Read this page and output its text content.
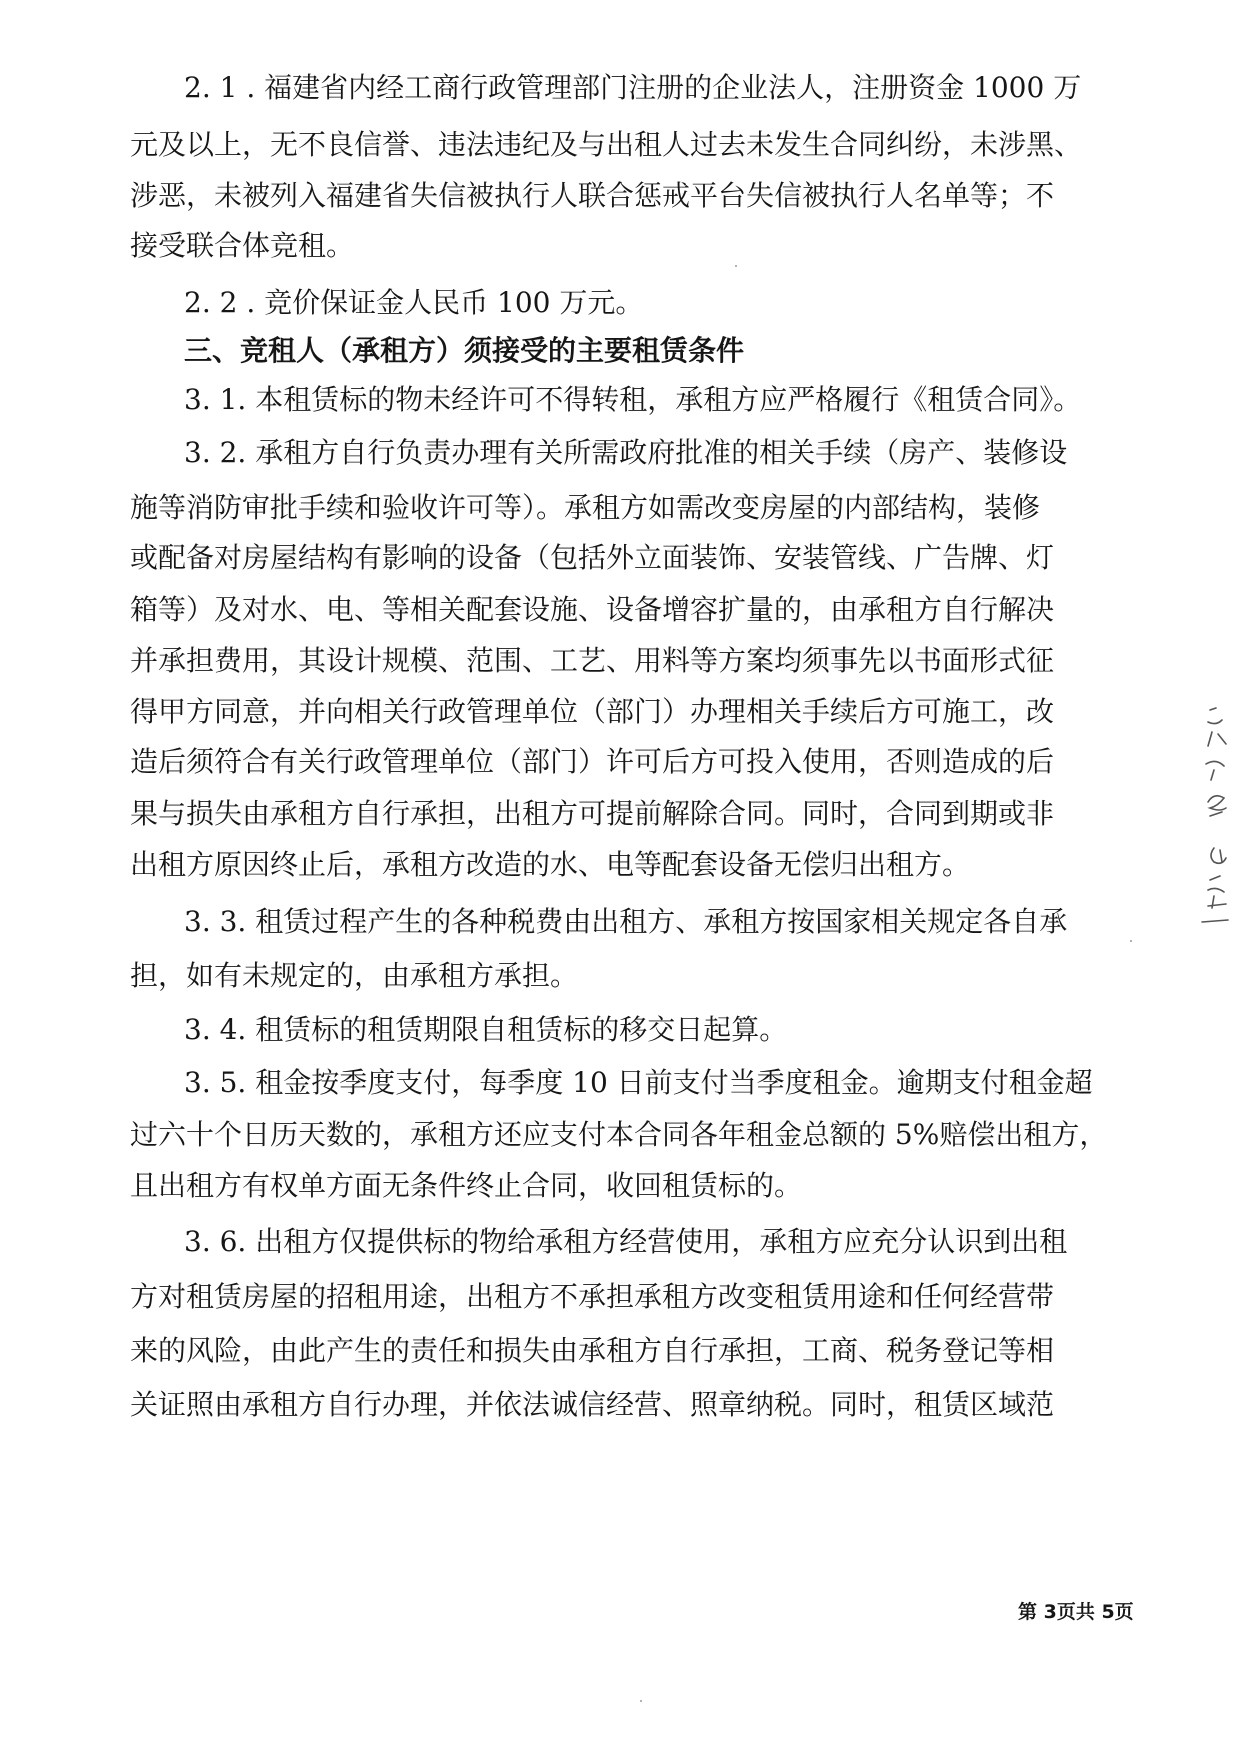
2. 1 . 福建省内经工商行政管理部门注册的企业法人，注册资金 1000 万
元及以上，无不良信誉、违法违纪及与出租人过去未发生合同纠纷，未涉黑、
涉恶，未被列入福建省失信被执行人联合惩戒平台失信被执行人名单等；不
接受联合体竞租。
2. 2 . 竞价保证金人民币 100 万元。
三、竞租人（承租方）须接受的主要租赁条件
3. 1. 本租赁标的物未经许可不得转租，承租方应严格履行《租赁合同》。
3. 2. 承租方自行负责办理有关所需政府批准的相关手续（房产、装修设
施等消防审批手续和验收许可等）。承租方如需改变房屋的内部结构，装修
或配备对房屋结构有影响的设备（包括外立面装饰、安装管线、广告牌、灯
箱等）及对水、电、等相关配套设施、设备增容扩量的，由承租方自行解决
并承担费用，其设计规模、范围、工艺、用料等方案均须事先以书面形式征
得甲方同意，并向相关行政管理单位（部门）办理相关手续后方可施工，改
造后须符合有关行政管理单位（部门）许可后方可投入使用，否则造成的后
果与损失由承租方自行承担，出租方可提前解除合同。同时，合同到期或非
出租方原因终止后，承租方改造的水、电等配套设备无偿归出租方。
3. 3. 租赁过程产生的各种税费由出租方、承租方按国家相关规定各自承
担，如有未规定的，由承租方承担。
3. 4. 租赁标的租赁期限自租赁标的移交日起算。
3. 5. 租金按季度支付，每季度 10 日前支付当季度租金。逾期支付租金超
过六十个日历天数的，承租方还应支付本合同各年租金总额的 5%赔偿出租方，
且出租方有权单方面无条件终止合同，收回租赁标的。
3. 6. 出租方仅提供标的物给承租方经营使用，承租方应充分认识到出租
方对租赁房屋的招租用途，出租方不承担承租方改变租赁用途和任何经营带
来的风险，由此产生的责任和损失由承租方自行承担，工商、税务登记等相
关证照由承租方自行办理，并依法诚信经营、照章纳税。同时，租赁区域范
第 3页共 5页
